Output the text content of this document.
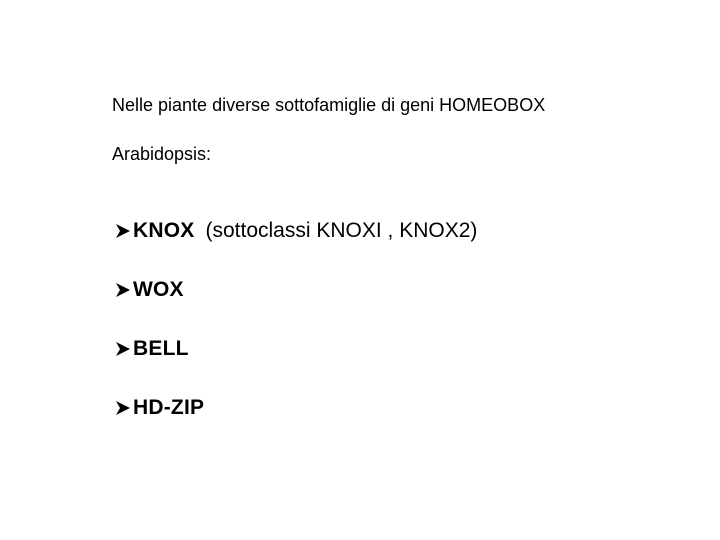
Nelle piante diverse sottofamiglie di geni HOMEOBOX
Arabidopsis:
KNOX (sottoclassi KNOXI , KNOX2)
WOX
BELL
HD-ZIP
